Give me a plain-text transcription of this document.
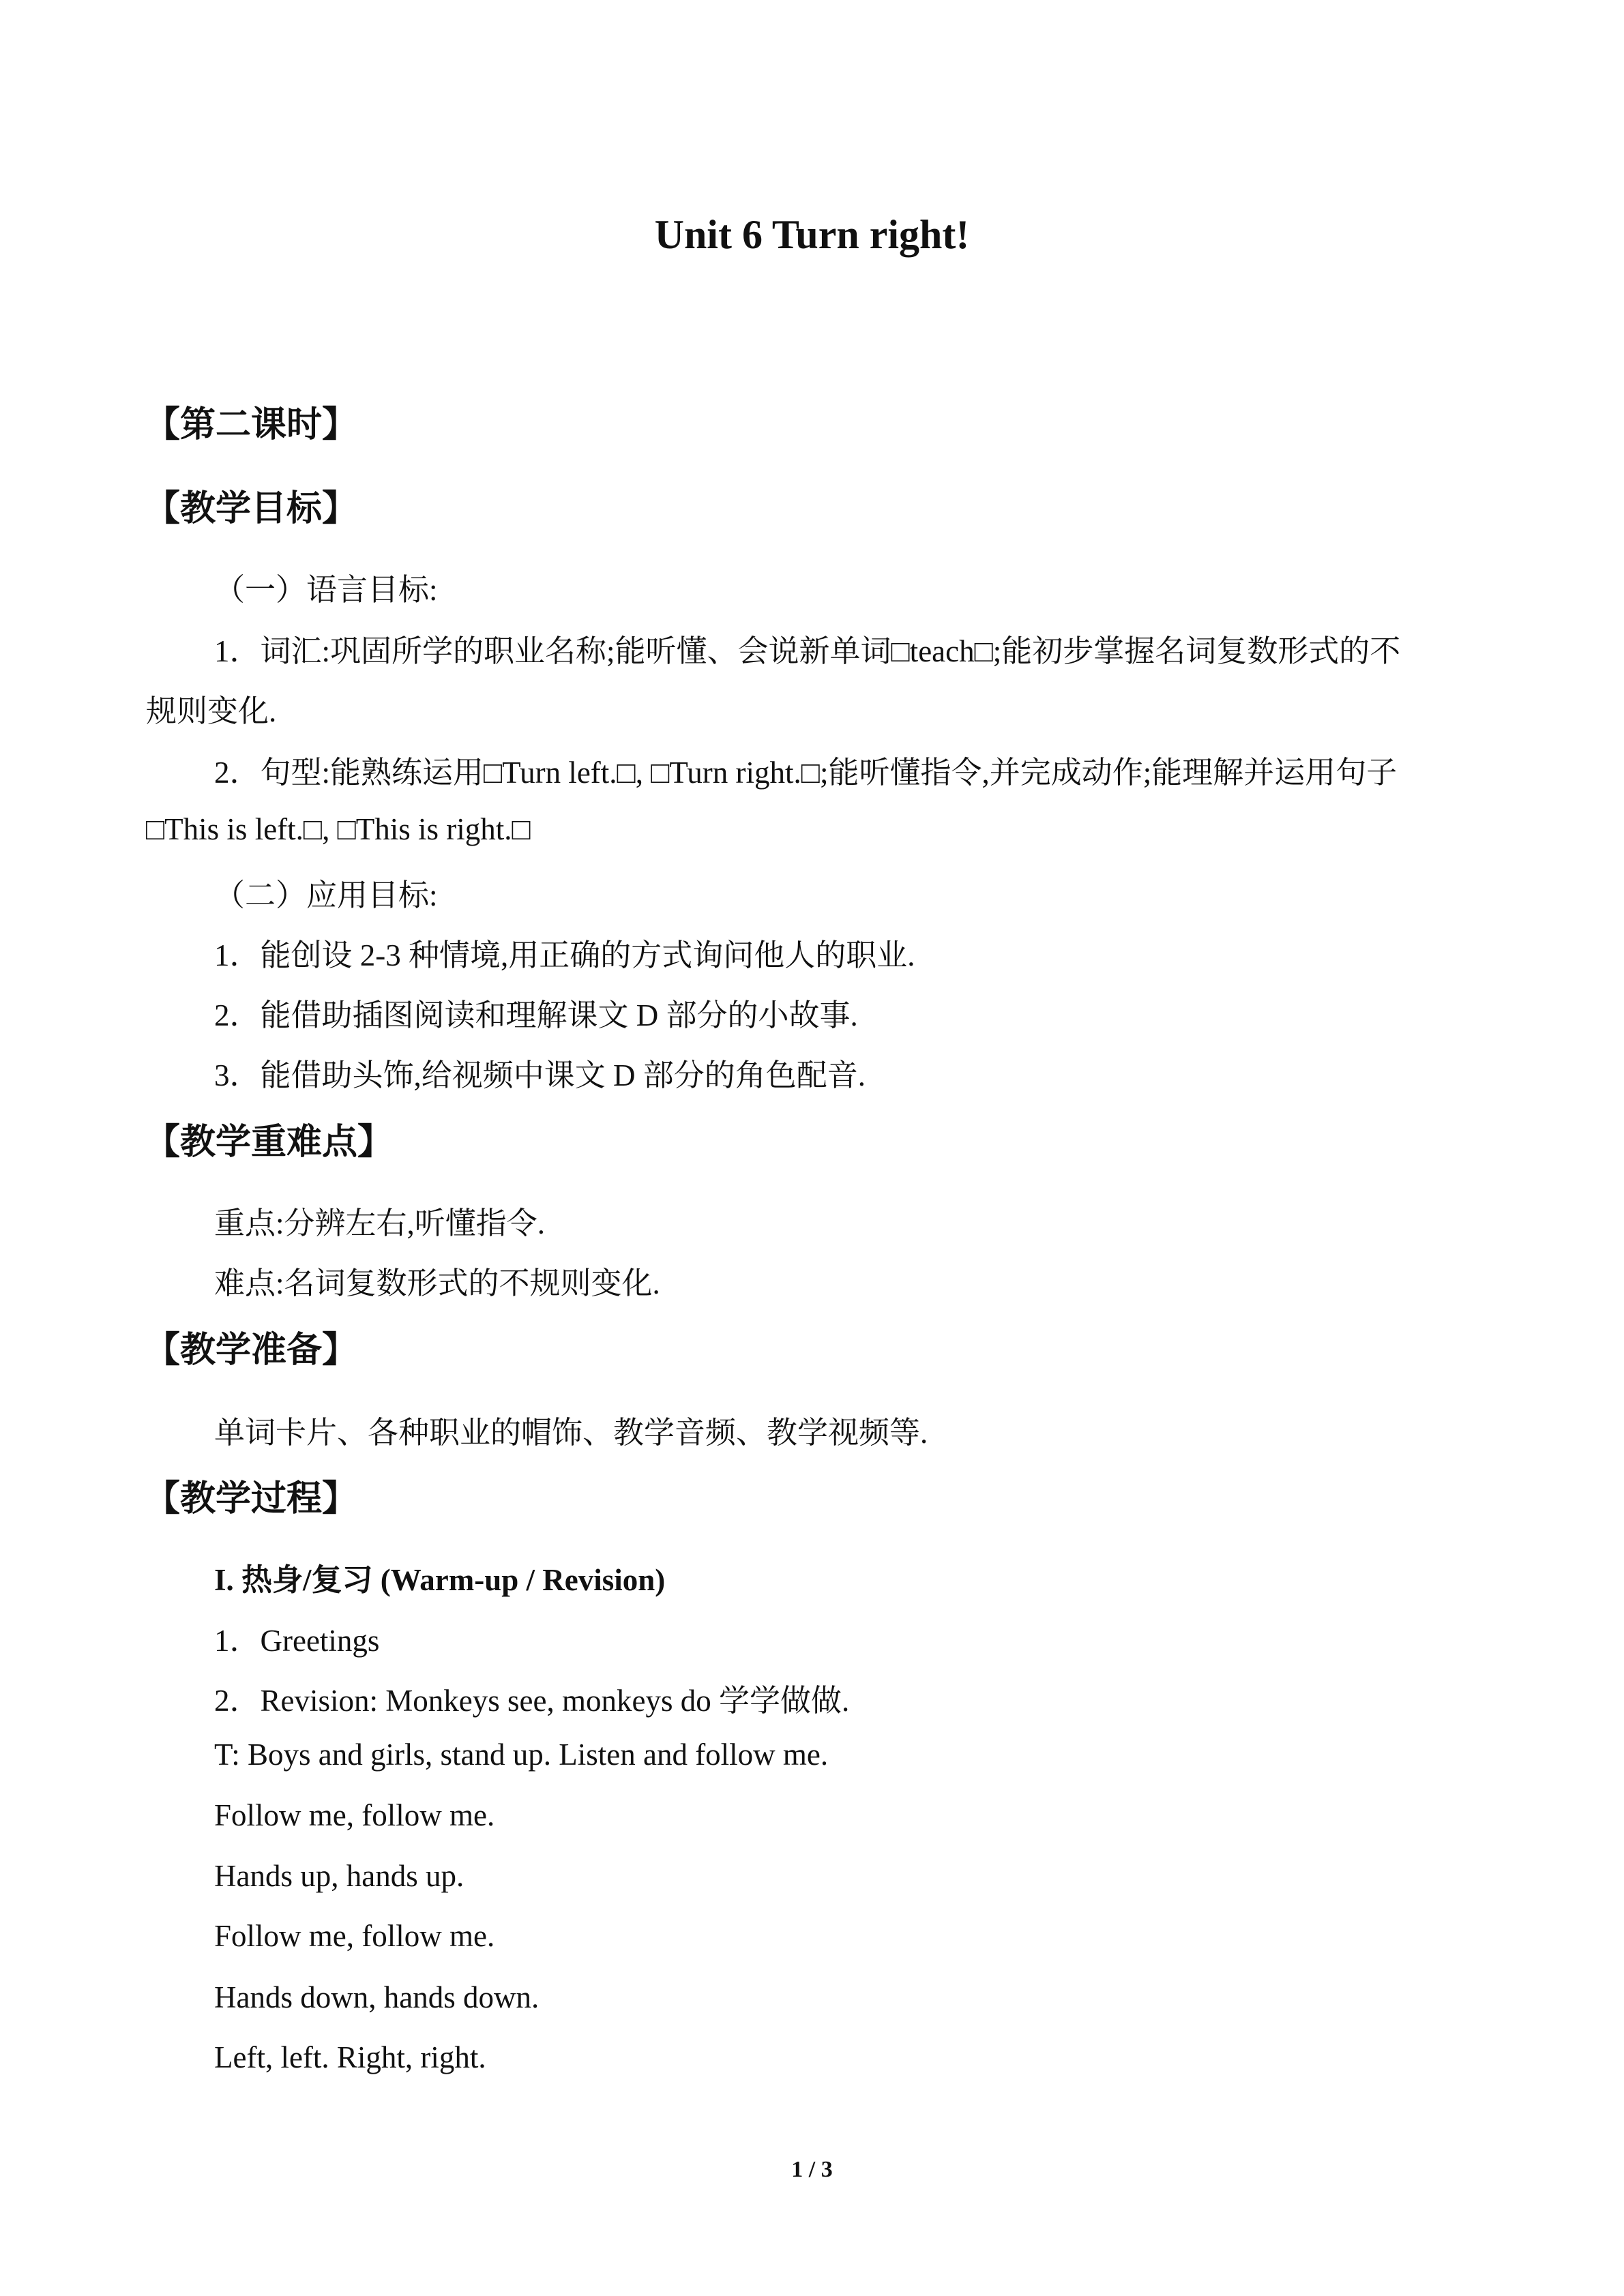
Unit 6 Turn right!
【第二课时】
【教学目标】
（一）语言目标:
1．词汇:巩固所学的职业名称;能听懂、会说新单词□teach□;能初步掌握名词复数形式的不
规则变化.
2．句型:能熟练运用□Turn left.□, □Turn right.□;能听懂指令,并完成动作;能理解并运用句子
□This is left.□, □This is right.□
（二）应用目标:
1．能创设 2-3 种情境,用正确的方式询问他人的职业.
2．能借助插图阅读和理解课文 D 部分的小故事.
3．能借助头饰,给视频中课文 D 部分的角色配音.
【教学重难点】
重点:分辨左右,听懂指令.
难点:名词复数形式的不规则变化.
【教学准备】
单词卡片、各种职业的帽饰、教学音频、教学视频等.
【教学过程】
I. 热身/复习 (Warm-up / Revision)
1．Greetings
2．Revision: Monkeys see, monkeys do 学学做做.
T: Boys and girls, stand up. Listen and follow me.
Follow me, follow me.
Hands up, hands up.
Follow me, follow me.
Hands down, hands down.
Left, left. Right, right.
1 / 3
